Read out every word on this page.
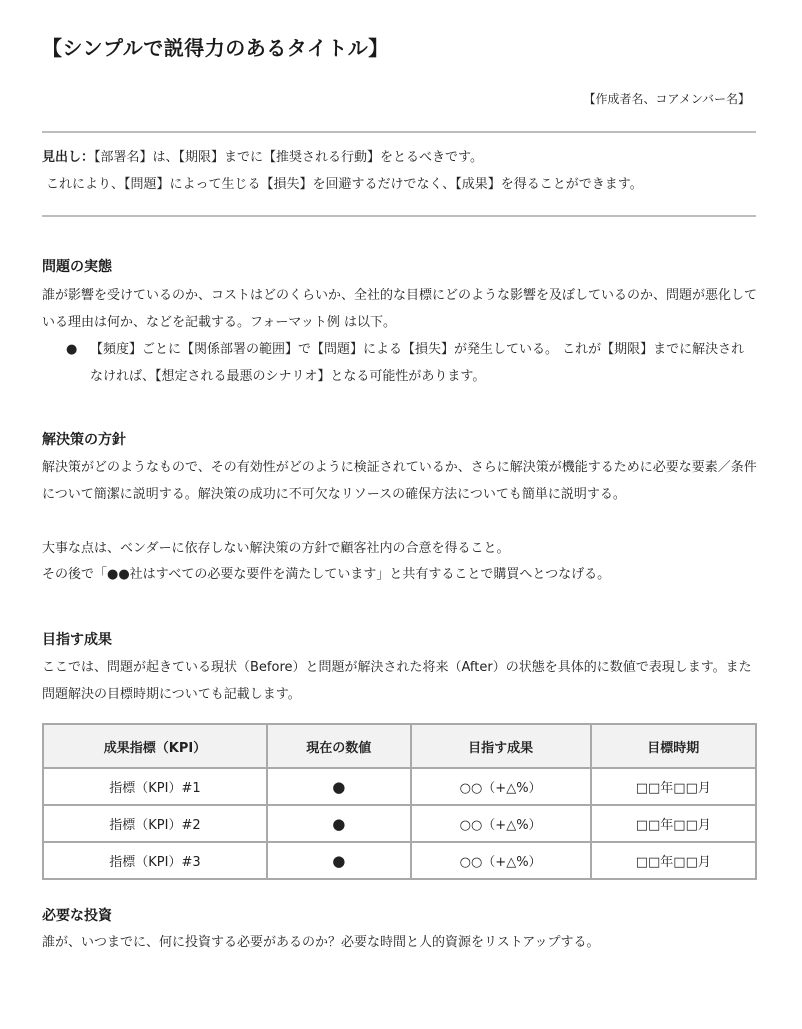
【シンプルで説得力のあるタイトル】
【作成者名、コアメンバー名】
見出し：【部署名】は、【期限】までに【推奨される行動】をとるべきです。
これにより、【問題】によって生じる【損失】を回避するだけでなく、【成果】を得ることができます。
問題の実態
誰が影響を受けているのか、コストはどのくらいか、全社的な目標にどのような影響を及ぼしているのか、問題が悪化している理由は何か、などを記載する。フォーマット例 は以下。
● 【頻度】ごとに【関係部署の範囲】で【問題】による【損失】が発生している。 これが【期限】までに解決されなければ、【想定される最悪のシナリオ】となる可能性があります。
解決策の方針
解決策がどのようなもので、その有効性がどのように検証されているか、さらに解決策が機能するために必要な要素／条件について簡潔に説明する。解決策の成功に不可欠なリソースの確保方法についても簡単に説明する。
大事な点は、ベンダーに依存しない解決策の方針で顧客社内の合意を得ること。
その後で「●●社はすべての必要な要件を満たしています」と共有することで購買へとつなげる。
目指す成果
ここでは、問題が起きている現状（Before）と問題が解決された将来（After）の状態を具体的に数値で表現します。また問題解決の目標時期についても記載します。
成果指標（KPI）	現在の数値	目指す成果	目標時期
指標（KPI）#1	●	○○（+△%）	□□年□□月
指標（KPI）#2	●	○○（+△%）	□□年□□月
指標（KPI）#3	●	○○（+△%）	□□年□□月
必要な投資
誰が、いつまでに、何に投資する必要があるのか？必要な時間と人的資源をリストアップする。
